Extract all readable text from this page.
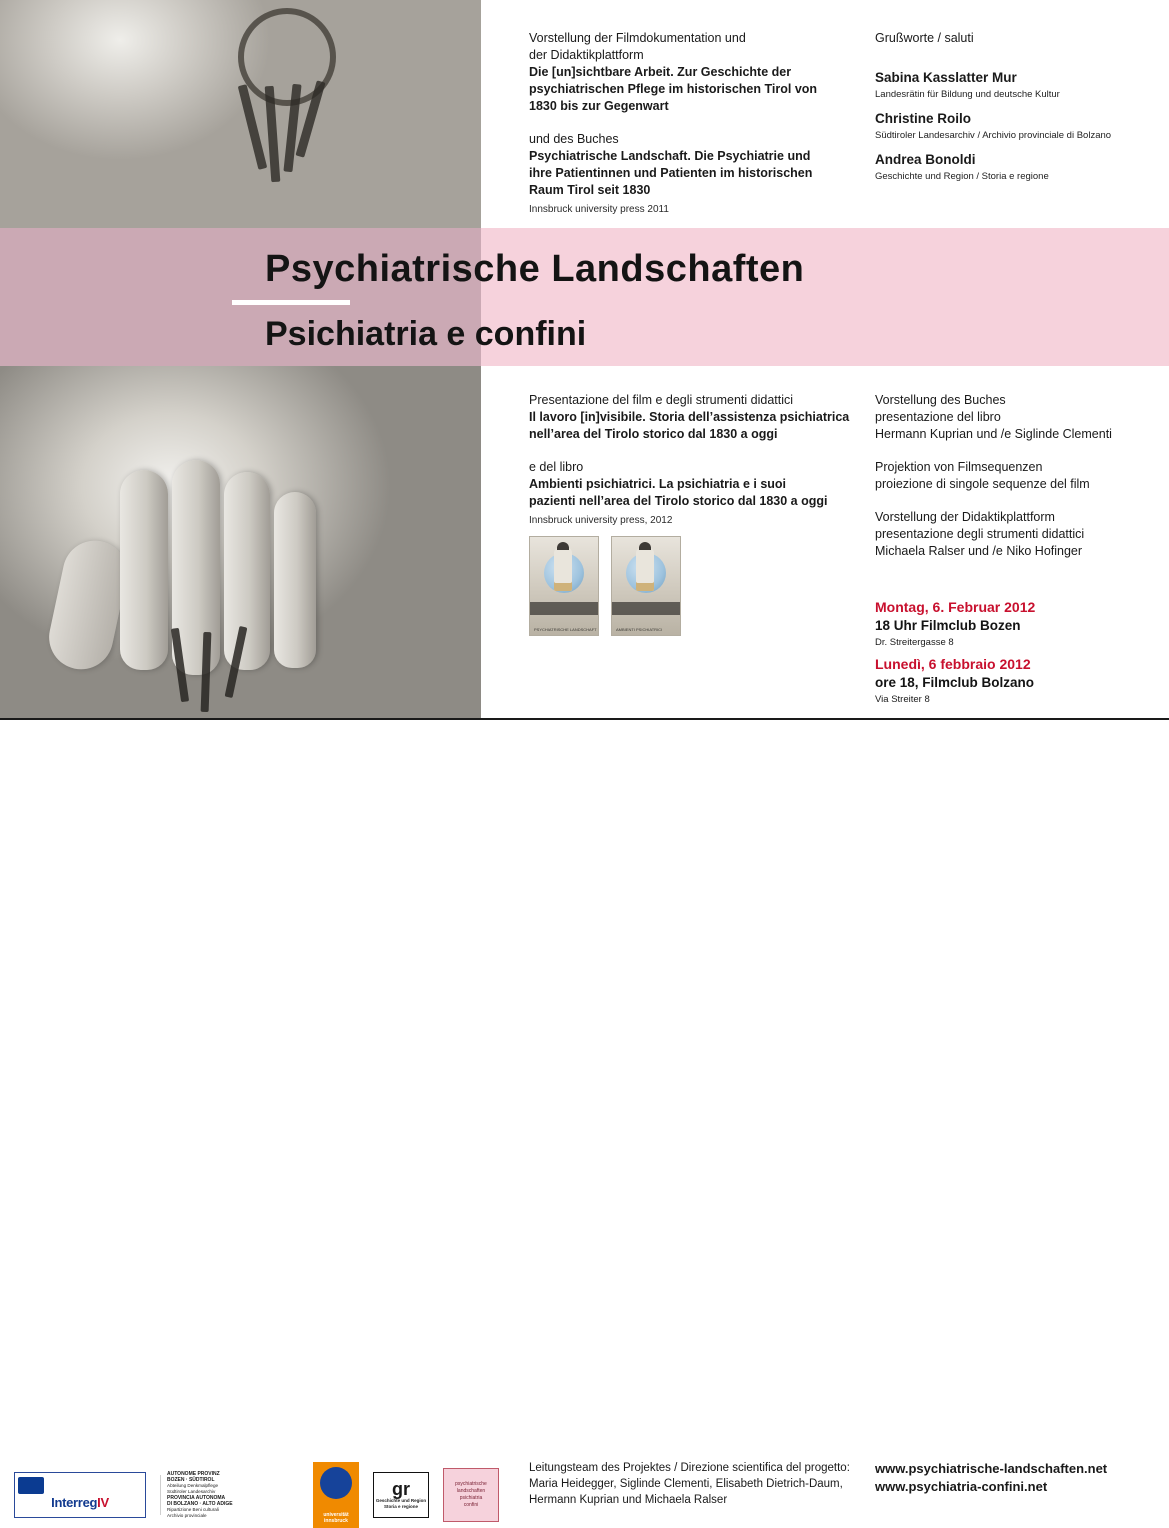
Psychiatrische Landschaften
Psichiatria e confini

Vorstellung der Filmdokumentation und

der Didaktikplattform

Die [un]sichtbare Arbeit. Zur Geschichte der

psychiatrischen Pflege im historischen Tirol von

1830 bis zur Gegenwart

und des Buches

Psychiatrische Landschaft. Die Psychiatrie und

ihre Patientinnen und Patienten im historischen

Raum Tirol seit 1830

Innsbruck university press 2011

Grußworte / saluti

Sabina Kasslatter Mur

Landesrätin für Bildung und deutsche Kultur

Christine Roilo

Südtiroler Landesarchiv / Archivio provinciale di Bolzano

Andrea Bonoldi

Geschichte und Region / Storia e regione

Presentazione del film e degli strumenti didattici

Il lavoro [in]visibile. Storia dell’assistenza psichiatrica

nell’area del Tirolo storico dal 1830 a oggi

e del libro

Ambienti psichiatrici. La psichiatria e i suoi

pazienti nell’area del Tirolo storico dal 1830 a oggi

Innsbruck university press, 2012

PSYCHIATRISCHE LANDSCHAFT	AMBIENTI PSICHIATRICI

Vorstellung des Buches

presentazione del libro

Hermann Kuprian und /e Siglinde Clementi

Projektion von Filmsequenzen

proiezione di singole sequenze del film

Vorstellung der Didaktikplattform

presentazione degli strumenti didattici

Michaela Ralser und /e Niko Hofinger

Montag, 6. Februar 2012

18 Uhr Filmclub Bozen

Dr. Streitergasse 8

Lunedì, 6 febbraio 2012

ore 18, Filmclub Bolzano

Via Streiter 8

InterregIV
AUTONOME PROVINZ
BOZEN · SÜDTIROL
Abteilung Denkmalpflege
Südtiroler Landesarchiv
PROVINCIA AUTONOMA
DI BOLZANO · ALTO ADIGE
Ripartizione Beni culturali
Archivio provinciale	universität innsbruck
gr
Geschichte und Region
Storia e regione
psychiatrische
landschaften
psichiatria
confini
Leitungsteam des Projektes / Direzione scientifica del progetto:
Maria Heidegger, Siglinde Clementi, Elisabeth Dietrich-Daum,
Hermann Kuprian und Michaela Ralser
www.psychiatrische-landschaften.net
www.psychiatria-confini.net
